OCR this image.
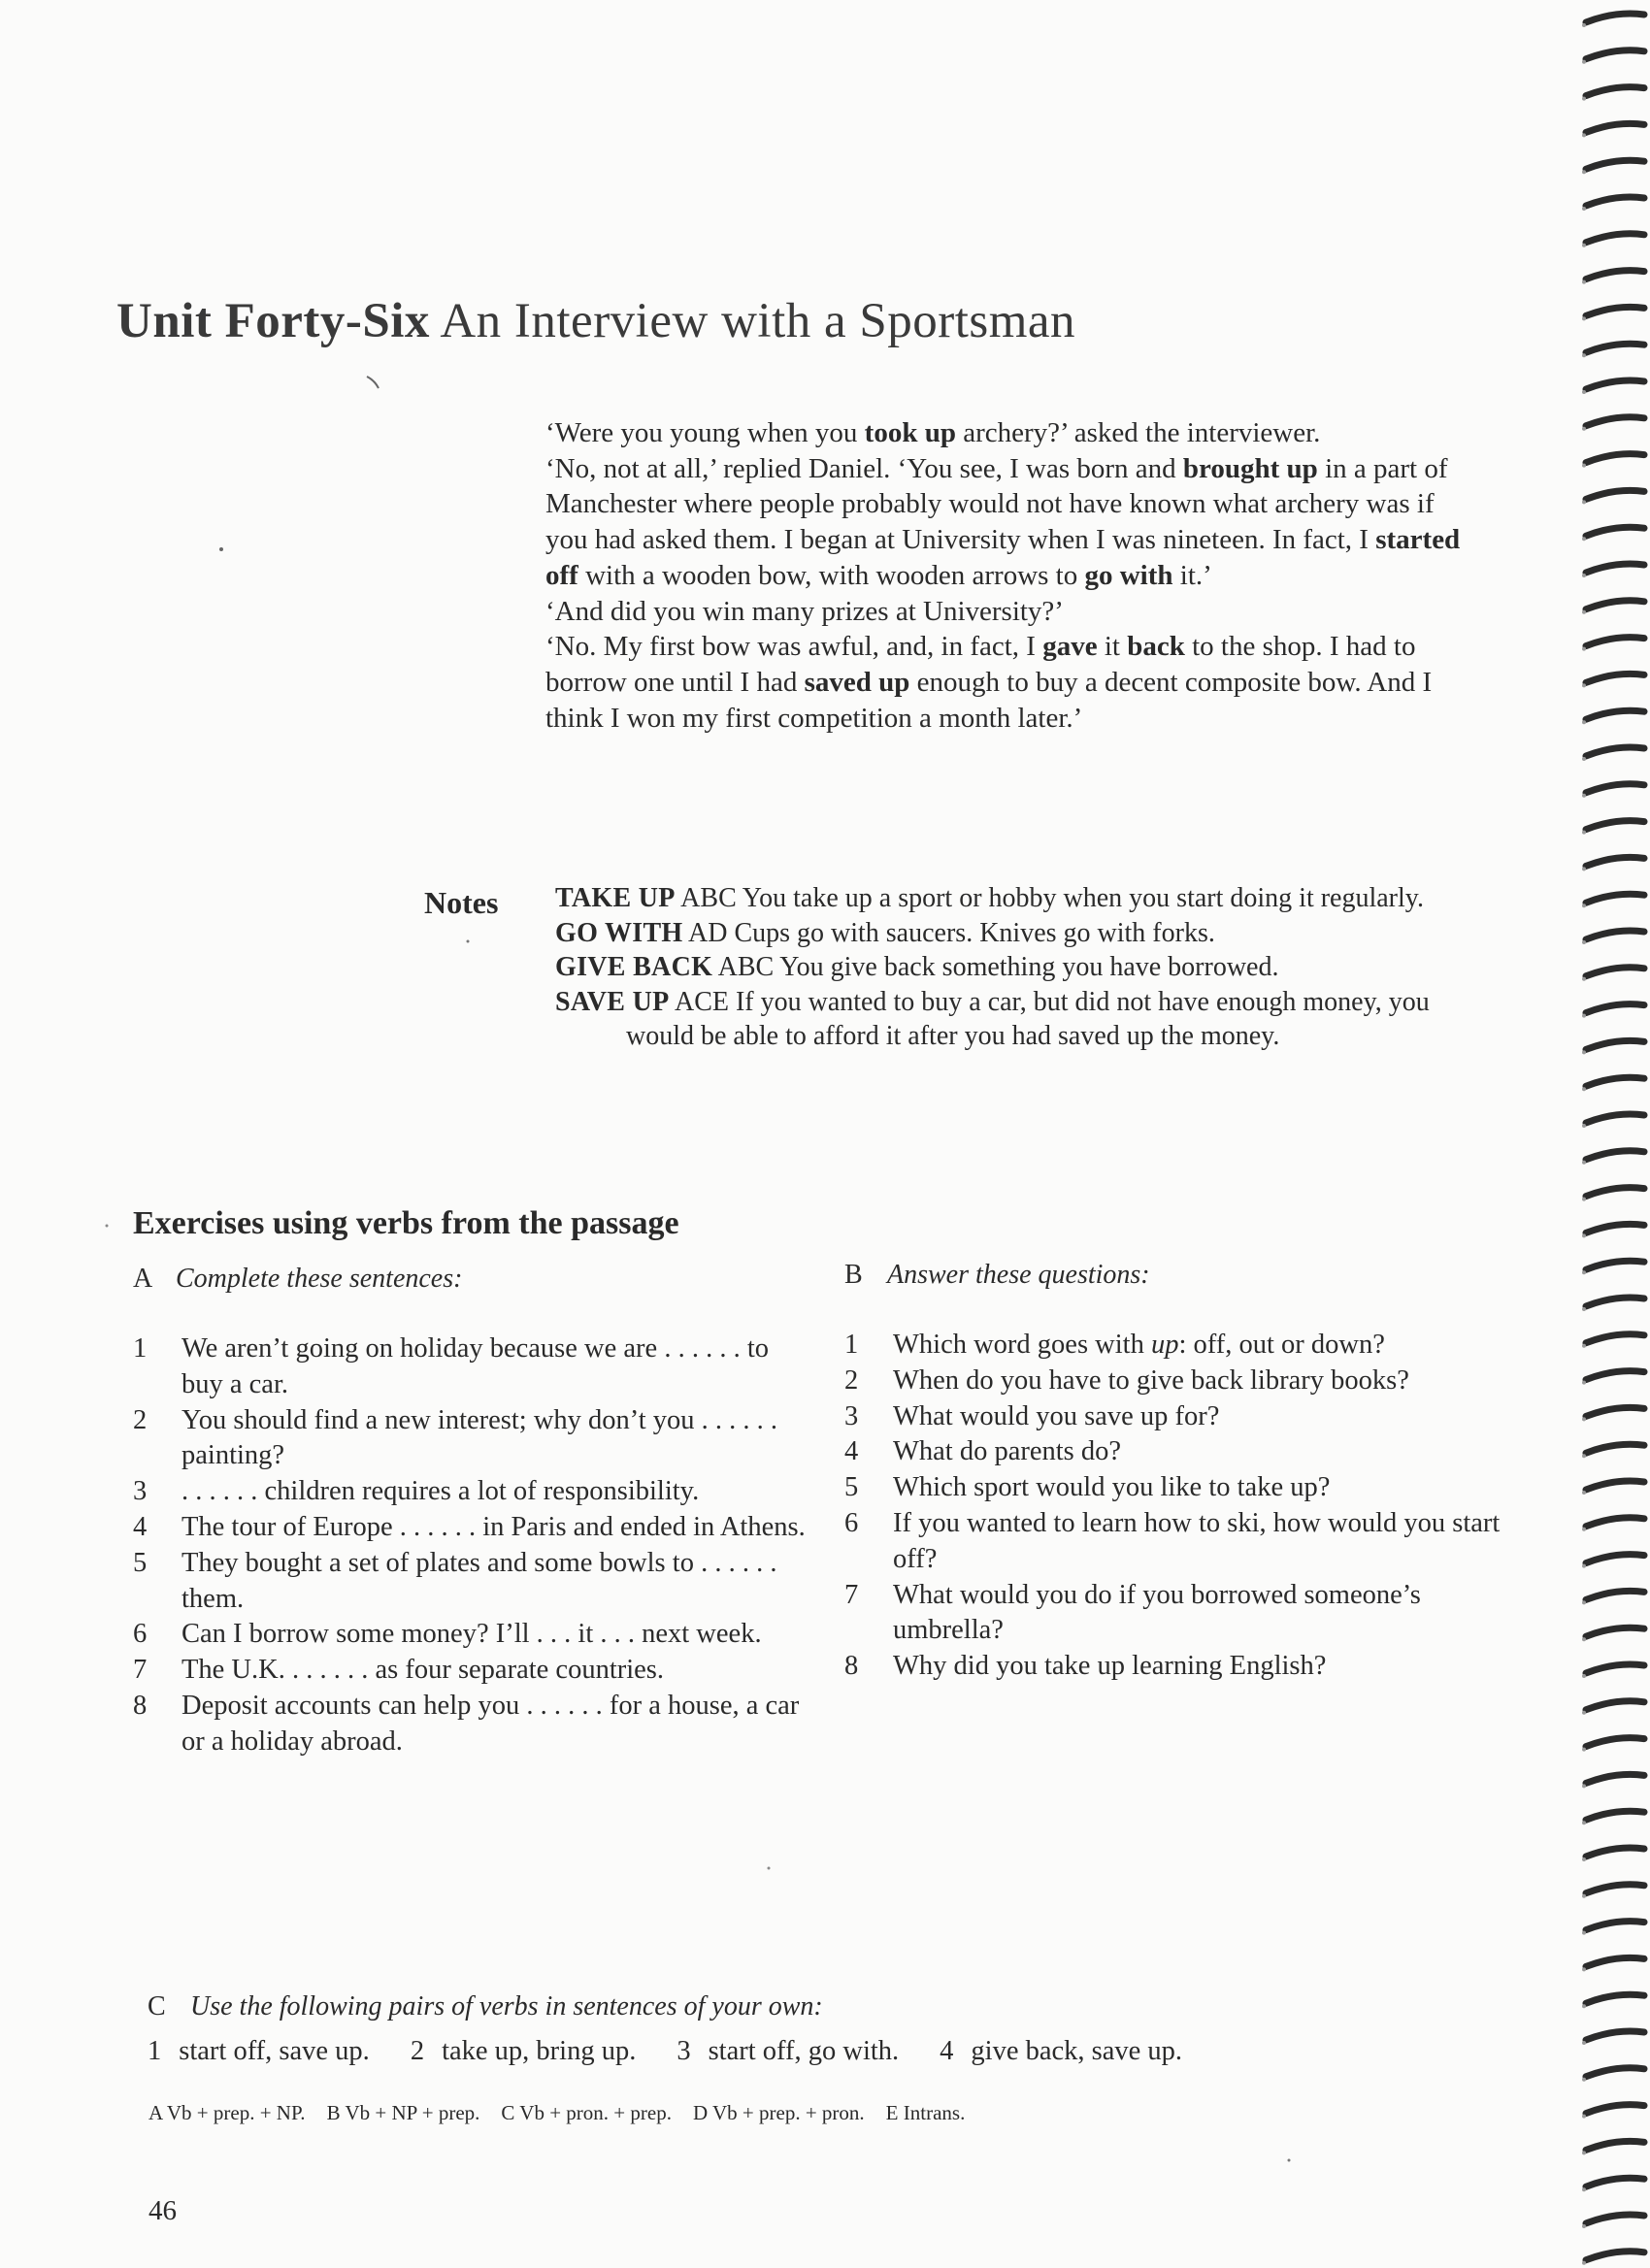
Unit Forty-Six An Interview with a Sportsman

‘Were you young when you took up archery?’ asked the interviewer.

‘No, not at all,’ replied Daniel. ‘You see, I was born and brought up in a part of Manchester where people probably would not have known what archery was if you had asked them. I began at University when I was nineteen. In fact, I started off with a wooden bow, with wooden arrows to go with it.’

‘And did you win many prizes at University?’

‘No. My first bow was awful, and, in fact, I gave it back to the shop. I had to borrow one until I had saved up enough to buy a decent composite bow. And I think I won my first competition a month later.’

Notes TAKE UP ABC You take up a sport or hobby when you start doing it regularly.
GO WITH AD Cups go with saucers. Knives go with forks.
GIVE BACK ABC You give back something you have borrowed.
SAVE UP ACE If you wanted to buy a car, but did not have enough money, you would be able to afford it after you had saved up the money.
Exercises using verbs from the passage
A Complete these sentences:
1	We aren’t going on holiday because we are . . . . . . to buy a car.
2	You should find a new interest; why don’t you . . . . . . painting?
3	. . . . . . children requires a lot of responsibility.
4	The tour of Europe . . . . . . in Paris and ended in Athens.
5	They bought a set of plates and some bowls to . . . . . . them.
6	Can I borrow some money? I’ll . . . it . . . next week.
7	The U.K. . . . . . . as four separate countries.
8	Deposit accounts can help you . . . . . . for a house, a car or a holiday abroad.
B Answer these questions:
1	Which word goes with up: off, out or down?
2	When do you have to give back library books?
3	What would you save up for?
4	What do parents do?
5	Which sport would you like to take up?
6	If you wanted to learn how to ski, how would you start off?
7	What would you do if you borrowed someone’s umbrella?
8	Why did you take up learning English?
C Use the following pairs of verbs in sentences of your own:
1 start off, save up. 2 take up, bring up. 3 start off, go with. 4 give back, save up.
A Vb + prep. + NP. B Vb + NP + prep. C Vb + pron. + prep. D Vb + prep. + pron. E Intrans.
46
